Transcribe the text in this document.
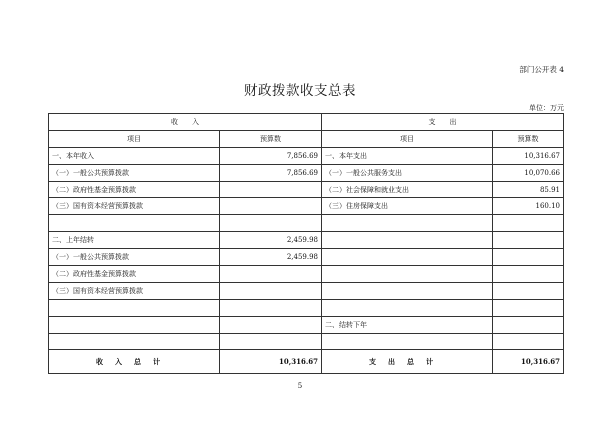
部门公开表 4
财政拨款收支总表
单位：万元
收　　入		支　　出	
项目	预算数	项目	预算数
一、本年收入	7,856.69	一、本年支出	10,316.67
（一）一般公共预算拨款	7,856.69	（一）一般公共服务支出	10,070.66
（二）政府性基金预算拨款		（二）社会保障和就业支出	85.91
（三）国有资本经营预算拨款		（三）住房保障支出	160.10

二、上年结转	2,459.98		
（一）一般公共预算拨款	2,459.98		
（二）政府性基金预算拨款			
（三）国有资本经营预算拨款			

		二、结转下年	

收入总计	10,316.67	支出总计	10,316.67
5
